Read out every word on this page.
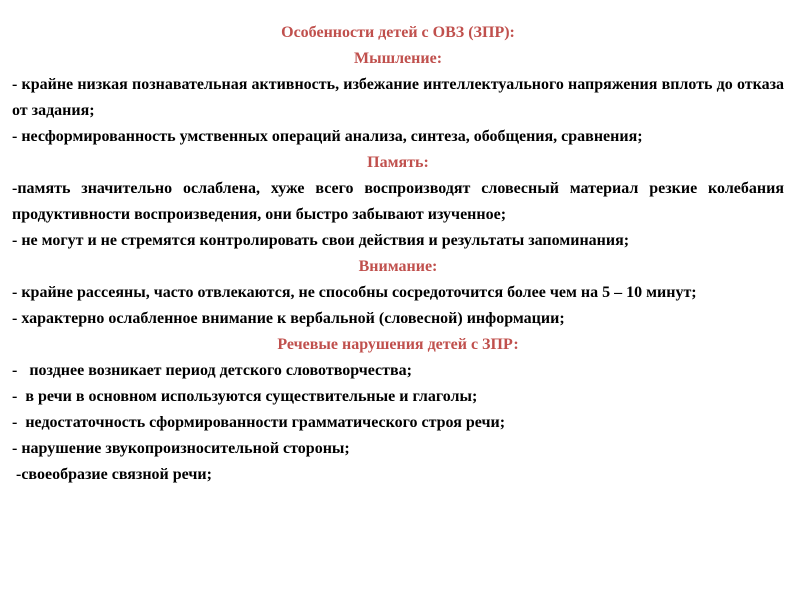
Особенности детей с ОВЗ (ЗПР):
Мышление:

- крайне низкая познавательная активность, избежание интеллектуального напряжения вплоть до отказа от задания;

- несформированность умственных операций анализа, синтеза, обобщения, сравнения;

Память:

-память значительно ослаблена, хуже всего воспроизводят словесный материал резкие колебания продуктивности воспроизведения, они быстро забывают изученное;

- не могут и не стремятся контролировать свои действия и результаты запоминания;

Внимание:

- крайне рассеяны, часто отвлекаются, не способны сосредоточится более чем на 5 – 10 минут;

- характерно ослабленное внимание к вербальной (словесной) информации;

Речевые нарушения детей с ЗПР:

-   позднее возникает период детского словотворчества;

-  в речи в основном используются существительные и глаголы;

-  недостаточность сформированности грамматического строя речи;

- нарушение звукопроизносительной стороны;

-своеобразие связной речи;
